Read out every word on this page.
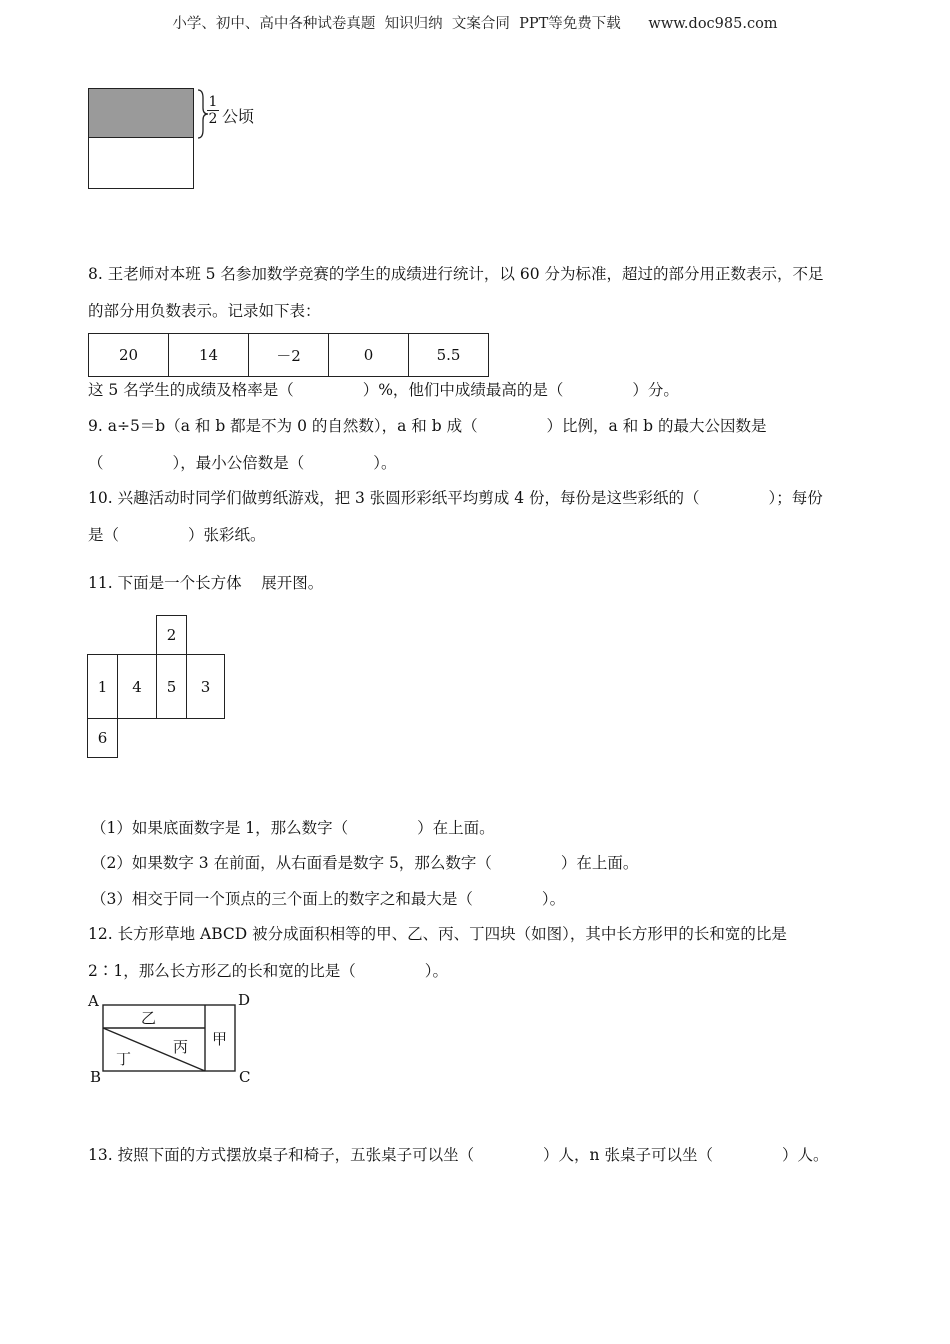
小学、初中、高中各种试卷真题  知识归纳  文案合同  PPT等免费下载      www.doc985.com
1
2 公顷
8. 王老师对本班 5 名参加数学竞赛的学生的成绩进行统计，以 60 分为标准，超过的部分用正数表示，不足
的部分用负数表示。记录如下表：
20	14	－2	0	5.5
这 5 名学生的成绩及格率是（              ）%，他们中成绩最高的是（              ）分。
9. a÷5＝b（a 和 b 都是不为 0 的自然数），a 和 b 成（              ）比例，a 和 b 的最大公因数是
（              ），最小公倍数是（              ）。
10. 兴趣活动时同学们做剪纸游戏，把 3 张圆形彩纸平均剪成 4 份，每份是这些彩纸的（              ）；每份
是（              ）张彩纸。
11. 下面是一个长方体    展开图。
2
1	4	5	3
6
（1）如果底面数字是 1，那么数字（              ）在上面。
（2）如果数字 3 在前面，从右面看是数字 5，那么数字（              ）在上面。
（3）相交于同一个顶点的三个面上的数字之和最大是（              ）。
12. 长方形草地 ABCD 被分成面积相等的甲、乙、丙、丁四块（如图），其中长方形甲的长和宽的比是
2∶1，那么长方形乙的长和宽的比是（              ）。
A	D
B	C
乙
甲
丙
丁
13. 按照下面的方式摆放桌子和椅子，五张桌子可以坐（              ）人，n 张桌子可以坐（              ）人。
